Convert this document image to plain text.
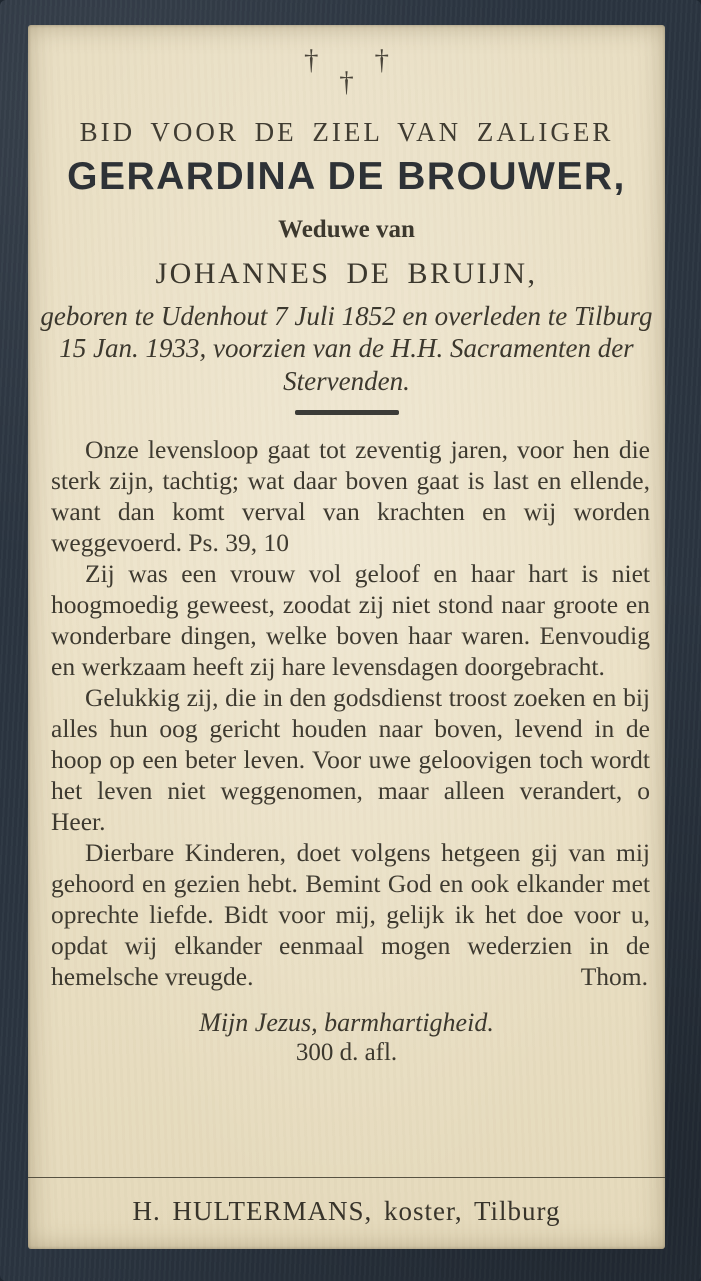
† †
†
BID VOOR DE ZIEL VAN ZALIGER
GERARDINA DE BROUWER,
Weduwe van
JOHANNES DE BRUIJN,
geboren te Udenhout 7 Juli 1852 en overleden te Tilburg 15 Jan. 1933, voorzien van de H.H. Sacramenten der Stervenden.

Onze levensloop gaat tot zeventig jaren, voor hen die sterk zijn, tachtig; wat daar boven gaat is last en ellende, want dan komt verval van krachten en wij worden weggevoerd. Ps. 39, 10

Zij was een vrouw vol geloof en haar hart is niet hoogmoedig geweest, zoodat zij niet stond naar groote en wonderbare dingen, welke boven haar waren. Eenvoudig en werkzaam heeft zij hare levensdagen doorgebracht.

Gelukkig zij, die in den godsdienst troost zoeken en bij alles hun oog gericht houden naar boven, levend in de hoop op een beter leven. Voor uwe geloovigen toch wordt het leven niet weggenomen, maar alleen verandert, o Heer.

Dierbare Kinderen, doet volgens hetgeen gij van mij gehoord en gezien hebt. Bemint God en ook elkander met oprechte liefde. Bidt voor mij, gelijk ik het doe voor u, opdat wij elkander eenmaal mogen wederzien in de hemelsche vreugde.	Thom.

Mijn Jezus, barmhartigheid.
300 d. afl.
H. HULTERMANS, koster, Tilburg
